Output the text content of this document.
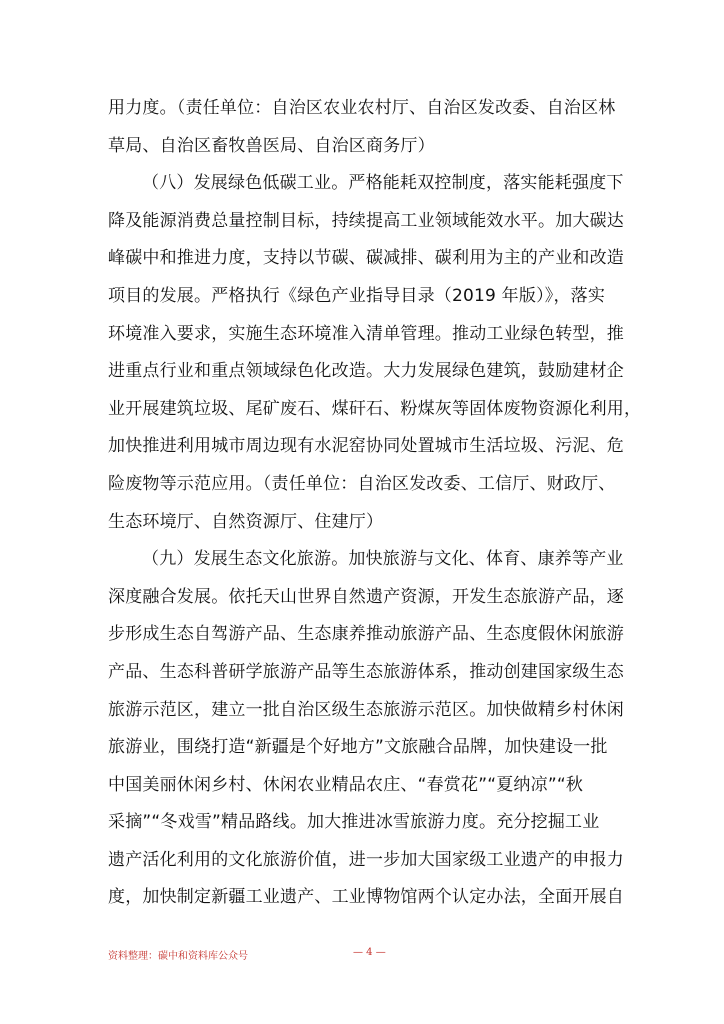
用力度。（责任单位：自治区农业农村厅、自治区发改委、自治区林
草局、自治区畜牧兽医局、自治区商务厅）
（八）发展绿色低碳工业。严格能耗双控制度，落实能耗强度下
降及能源消费总量控制目标，持续提高工业领域能效水平。加大碳达
峰碳中和推进力度，支持以节碳、碳减排、碳利用为主的产业和改造
项目的发展。严格执行《绿色产业指导目录（2019 年版）》，落实
环境准入要求，实施生态环境准入清单管理。推动工业绿色转型，推
进重点行业和重点领域绿色化改造。大力发展绿色建筑，鼓励建材企
业开展建筑垃圾、尾矿废石、煤矸石、粉煤灰等固体废物资源化利用，
加快推进利用城市周边现有水泥窑协同处置城市生活垃圾、污泥、危
险废物等示范应用。（责任单位：自治区发改委、工信厅、财政厅、
生态环境厅、自然资源厅、住建厅）
（九）发展生态文化旅游。加快旅游与文化、体育、康养等产业
深度融合发展。依托天山世界自然遗产资源，开发生态旅游产品，逐
步形成生态自驾游产品、生态康养推动旅游产品、生态度假休闲旅游
产品、生态科普研学旅游产品等生态旅游体系，推动创建国家级生态
旅游示范区，建立一批自治区级生态旅游示范区。加快做精乡村休闲
旅游业，围绕打造“新疆是个好地方”文旅融合品牌，加快建设一批
中国美丽休闲乡村、休闲农业精品农庄、“春赏花”“夏纳凉”“秋
采摘”“冬戏雪”精品路线。加大推进冰雪旅游力度。充分挖掘工业
遗产活化利用的文化旅游价值，进一步加大国家级工业遗产的申报力
度，加快制定新疆工业遗产、工业博物馆两个认定办法，全面开展自
资料整理：碳中和资料库公众号	— 4 —
